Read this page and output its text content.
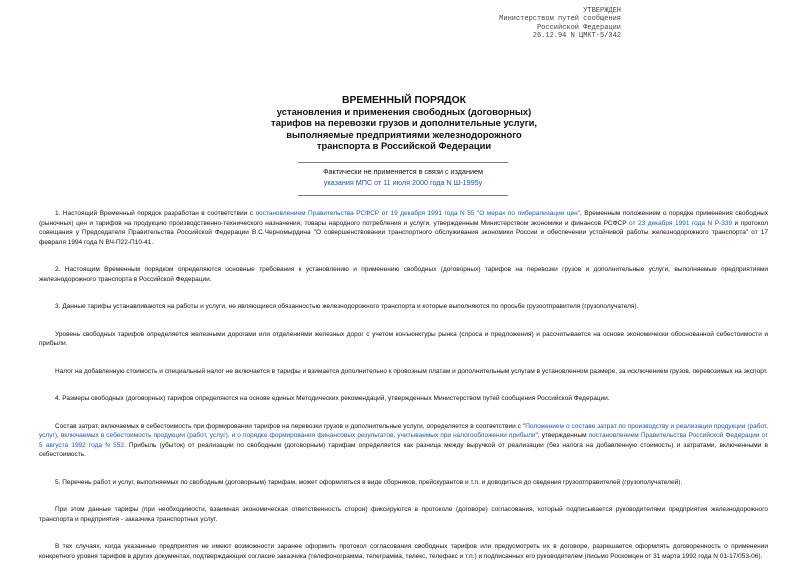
УТВЕРЖДЕН
Министерством путей сообщения
Российской Федерации
26.12.94 N ЦМКТ-5/342
ВРЕМЕННЫЙ ПОРЯДОК
установления и применения свободных (договорных)
тарифов на перевозки грузов и дополнительные услуги,
выполняемые предприятиями железнодорожного
транспорта в Российской Федерации
Фактически не применяется в связи с изданием
указания МПС от 11 июля 2000 года N Ш-1995у

1. Настоящий Временный порядок разработан в соответствии с постановлением Правительства РСФСР от 19 декабря 1991 года N 55 "О мерах по либерализации цен", Временным положением о порядке применения свободных (рыночных) цен и тарифов на продукцию производственно-технического назначения, товары народного потребления и услуги, утвержденным Министерством экономики и финансов РСФСР от 23 декабря 1991 года N Р-339 и протокол совещания у Председателя Правительства Российской Федерации В.С.Черномырдина "О совершенствовании транспортного обслуживания экономики России и обеспечении устойчивой работы железнодорожного транспорта" от 17 февраля 1994 года N ВЧ-П22-П10-41.

2. Настоящим Временным порядком определяются основные требования к установлению и применению свободных (договорных) тарифов на перевозки грузов и дополнительные услуги, выполняемые предприятиями железнодорожного транспорта в Российской Федерации.

3. Данные тарифы устанавливаются на работы и услуги, не являющиеся обязанностью железнодорожного транспорта и которые выполняются по просьбе грузоотправителя (грузополучателя).

Уровень свободных тарифов определяется железными дорогами или отделениями железных дорог с учетом конъюнктуры рынка (спроса и предложения) и рассчитывается на основе экономически обоснованной себестоимости и прибыли.

Налог на добавленную стоимость и специальный налог не включается в тарифы и взимается дополнительно к провозным платам и дополнительным услугам в установленном размере, за исключением грузов, перевозимых на экспорт.

4. Размеры свободных (договорных) тарифов определяются на основе единых Методических рекомендаций, утвержденных Министерством путей сообщения Российской Федерации.

Состав затрат, включаемых в себестоимость при формировании тарифов на перевозки грузов и дополнительные услуги, определяется в соответствии с "Положением о составе затрат по производству и реализации продукции (работ, услуг), включаемых в себестоимость продукции (работ, услуг), и о порядке формирования финансовых результатов, учитываемых при налогообложении прибыли", утвержденным постановлением Правительства Российской Федерации от 5 августа 1992 года N 552. Прибыль (убыток) от реализации по свободным (договорным) тарифам определяется как разница между выручкой от реализации (без налога на добавленную стоимость) и затратами, включенными в себестоимость.

5. Перечень работ и услуг, выполняемых по свободным (договорным) тарифам, может оформляться в виде сборников, прейскурантов и т.п. и доводиться до сведения грузоотправителей (грузополучателей).

При этом данные тарифы (при необходимости, взаимная экономическая ответственность сторон) фиксируются в протоколе (договоре) согласования, который подписывается руководителями предприятия железнодорожного транспорта и предприятия - заказчика транспортных услуг.

В тех случаях, когда указанные предприятия не имеют возможности заранее оформить протокол согласования свободных тарифов или предусмотреть их в договоре, разрешается оформлять договоренность о применении конкретного уровня тарифов в других документах, подтверждающих согласие заказчика (телефонограмма, телеграмма, телекс, телефакс и т.п.) и подписанных его руководителем (письмо Роскомцен от 31 марта 1992 года N 01-17/053-06).
